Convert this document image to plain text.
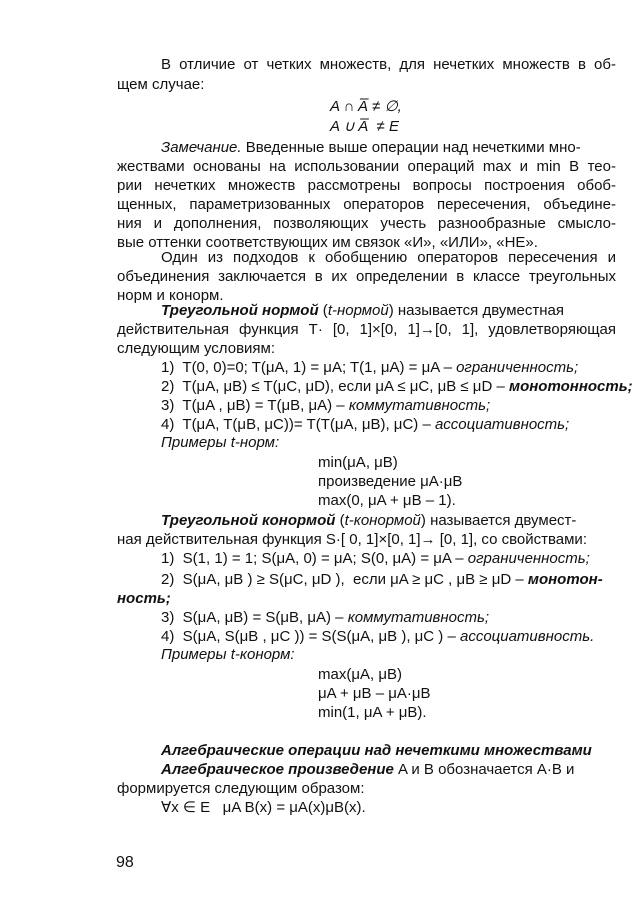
В отличие от четких множеств, для нечетких множеств в об-
щем случае:
A ∩ A̅ ≠ ∅,
A ∪ A̅  ≠ E
Замечание. Введенные выше операции над нечеткими мно-
жествами основаны на использовании операций max и min В тео-
рии нечетких множеств рассмотрены вопросы построения обоб-
щенных, параметризованных операторов пересечения, объедине-
ния и дополнения, позволяющих учесть разнообразные смысло-
вые оттенки соответствующих им связок «И», «ИЛИ», «НЕ».
Один из подходов к обобщению операторов пересечения и
объединения заключается в их определении в классе треугольных
норм и конорм.
Треугольной нормой (t-нормой) называется двуместная
действительная функция T· [0, 1]×[0, 1]→[0, 1], удовлетворяющая
следующим условиям:
1)  T(0, 0)=0; T(μA, 1) = μA; T(1, μA) = μA – ограниченность;
2)  T(μA, μB) ≤ T(μC, μD), если μA ≤ μC, μB ≤ μD – монотонность;
3)  T(μA , μB) = T(μB, μA) – коммутативность;
4)  T(μA, T(μB, μC))= T(T(μA, μB), μC) – ассоциативность;
Примеры t-норм:
min(μA, μB)
произведение μA·μB
max(0, μA + μB – 1).
Треугольной конормой (t-конормой) называется двумест-
ная действительная функция S·[ 0, 1]×[0, 1]→ [0, 1], со свойствами:
1)  S(1, 1) = 1; S(μA, 0) = μA; S(0, μA) = μA – ограниченность;
2)  S(μA, μB ) ≥ S(μC, μD ),  если μA ≥ μC , μB ≥ μD – монотон-
ность;
3)  S(μA, μB) = S(μB, μA) – коммутативность;
4)  S(μA, S(μB , μC )) = S(S(μA, μB ), μC ) – ассоциативность.
Примеры t-конорм:
max(μA, μB)
μA + μB – μA·μB
min(1, μA + μB).
Алгебраические операции над нечеткими множествами
Алгебраическое произведение A и B обозначается A·B и
формируется следующим образом:
∀x ∈ E   μA B(x) = μA(x)μB(x).
98
